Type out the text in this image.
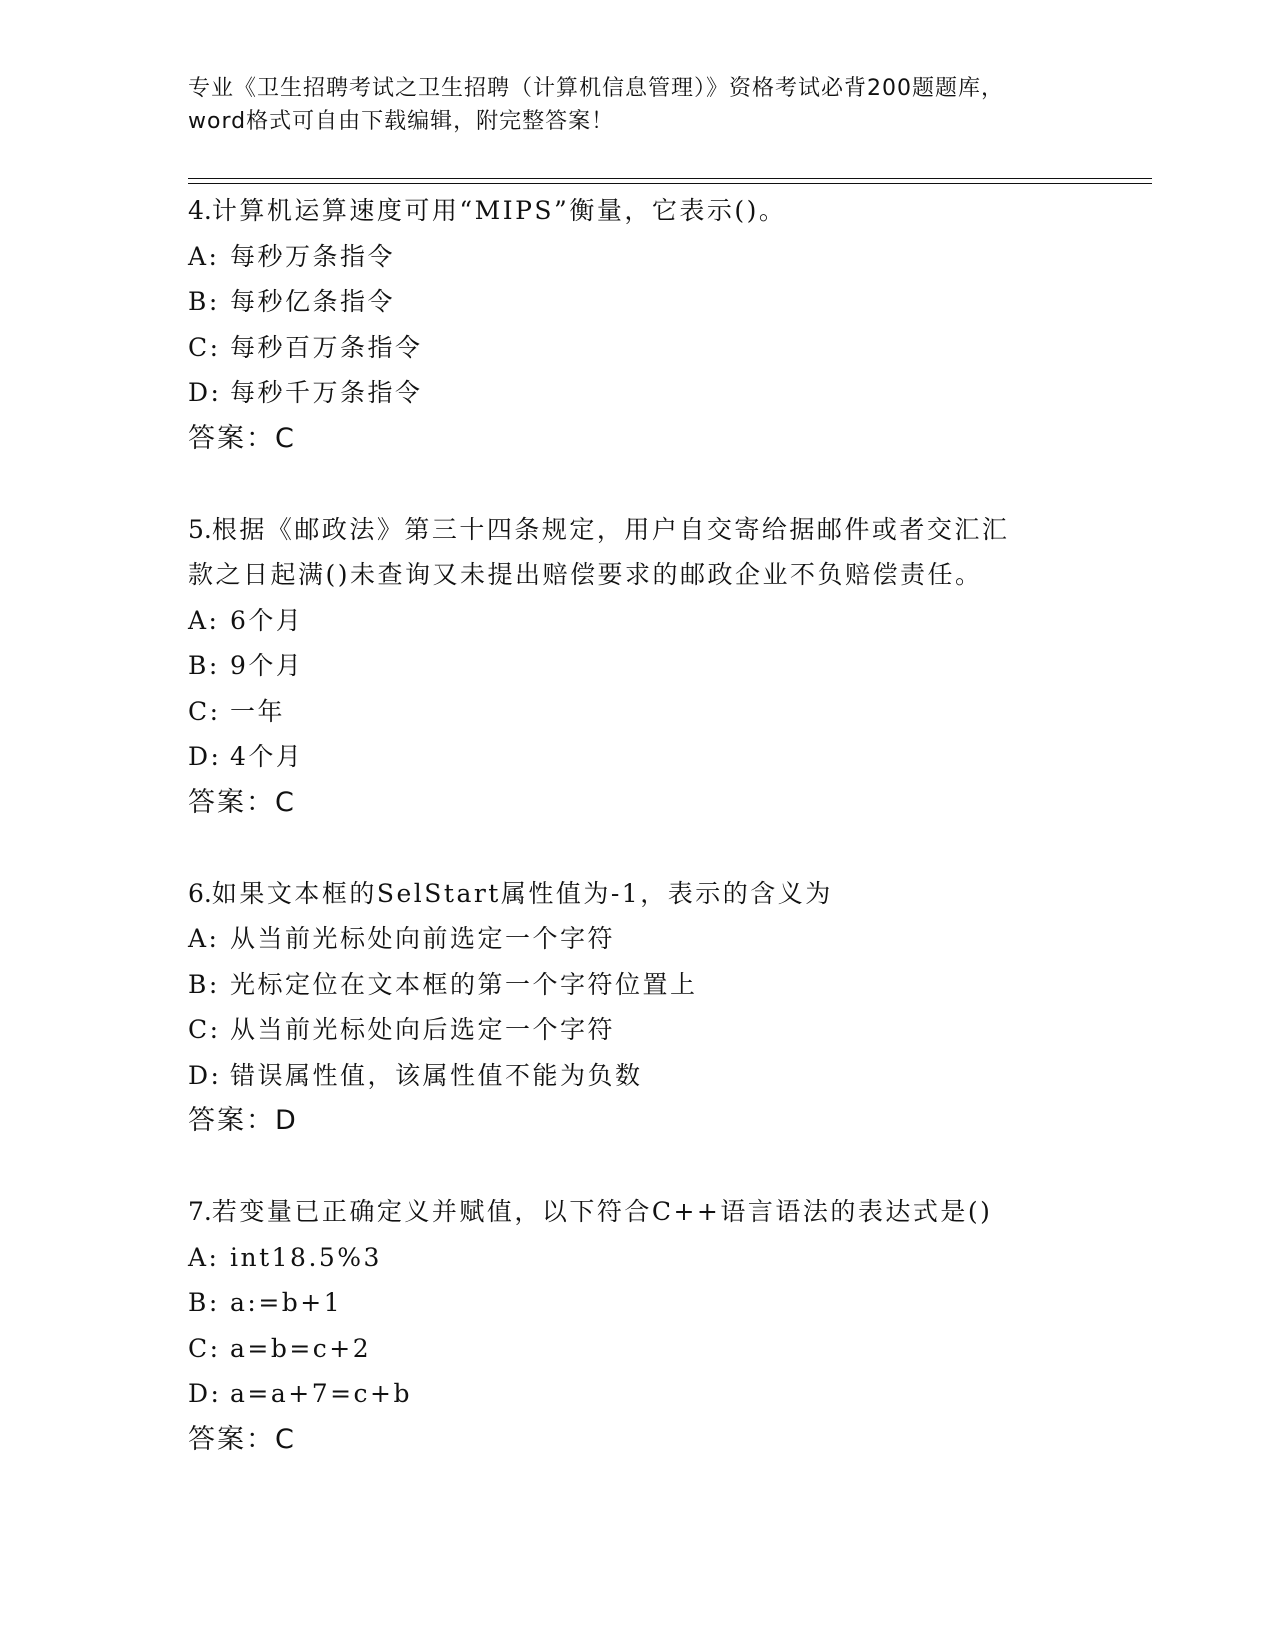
专业《卫生招聘考试之卫生招聘（计算机信息管理）》资格考试必背200题题库，
word格式可自由下载编辑，附完整答案！
4.计算机运算速度可用“MIPS”衡量，它表示()。
A: 每秒万条指令
B: 每秒亿条指令
C: 每秒百万条指令
D: 每秒千万条指令
答案：C
5.根据《邮政法》第三十四条规定，用户自交寄给据邮件或者交汇汇
款之日起满()未查询又未提出赔偿要求的邮政企业不负赔偿责任。
A: 6个月
B: 9个月
C: 一年
D: 4个月
答案：C
6.如果文本框的SelStart属性值为-1，表示的含义为
A: 从当前光标处向前选定一个字符
B: 光标定位在文本框的第一个字符位置上
C: 从当前光标处向后选定一个字符
D: 错误属性值，该属性值不能为负数
答案：D
7.若变量已正确定义并赋值，以下符合C++语言语法的表达式是()
A: int18.5%3
B: a:=b+1
C: a=b=c+2
D: a=a+7=c+b
答案：C
